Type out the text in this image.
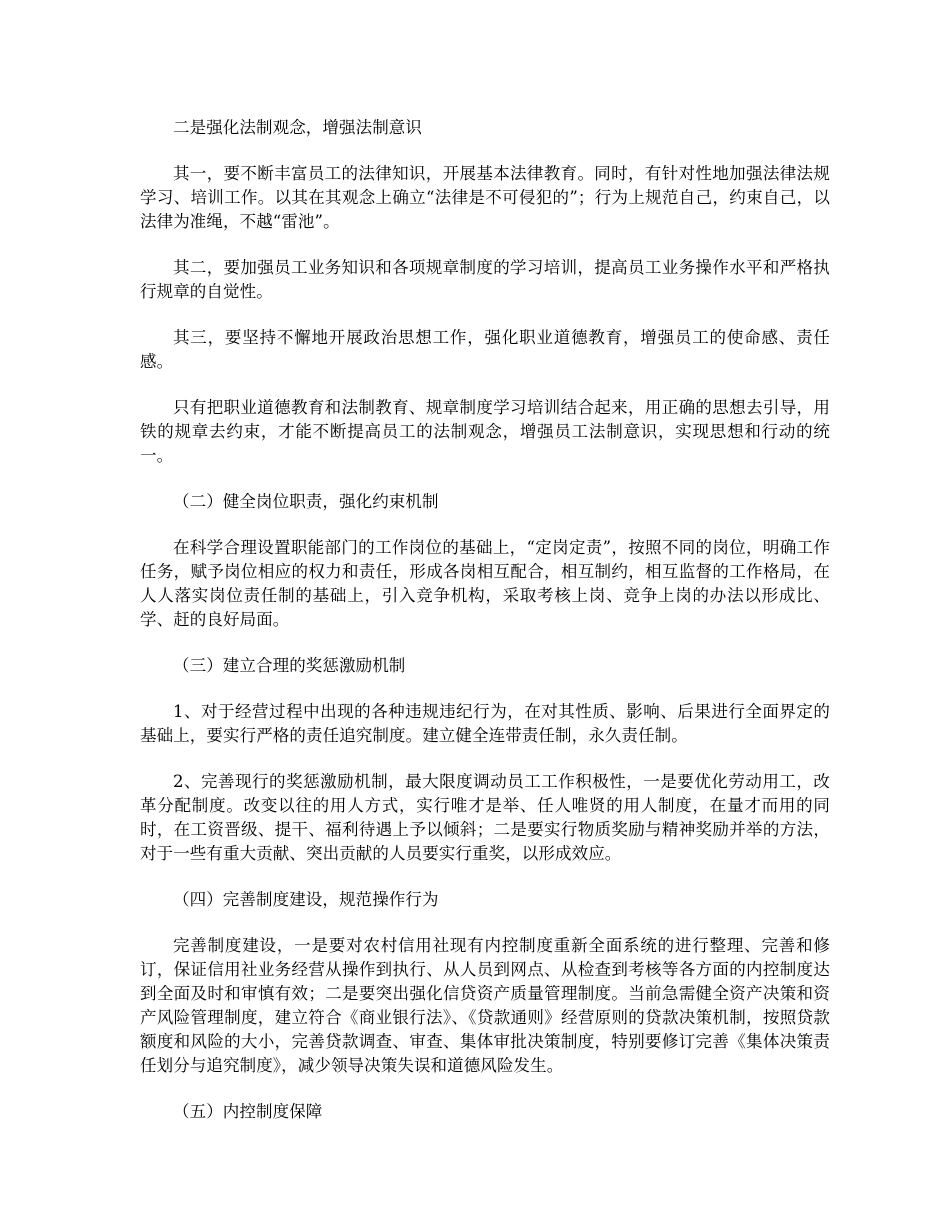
二是强化法制观念，增强法制意识

其一，要不断丰富员工的法律知识，开展基本法律教育。同时，有针对性地加强法律法规学习、培训工作。以其在其观念上确立“法律是不可侵犯的”；行为上规范自己，约束自己，以法律为准绳，不越“雷池”。

其二，要加强员工业务知识和各项规章制度的学习培训，提高员工业务操作水平和严格执行规章的自觉性。

其三，要坚持不懈地开展政治思想工作，强化职业道德教育，增强员工的使命感、责任感。

只有把职业道德教育和法制教育、规章制度学习培训结合起来，用正确的思想去引导，用铁的规章去约束，才能不断提高员工的法制观念，增强员工法制意识，实现思想和行动的统一。

（二）健全岗位职责，强化约束机制

在科学合理设置职能部门的工作岗位的基础上，“定岗定责”，按照不同的岗位，明确工作任务，赋予岗位相应的权力和责任，形成各岗相互配合，相互制约，相互监督的工作格局，在人人落实岗位责任制的基础上，引入竞争机构，采取考核上岗、竞争上岗的办法以形成比、学、赶的良好局面。

（三）建立合理的奖惩激励机制

1、对于经营过程中出现的各种违规违纪行为，在对其性质、影响、后果进行全面界定的基础上，要实行严格的责任追究制度。建立健全连带责任制，永久责任制。

2、完善现行的奖惩激励机制，最大限度调动员工工作积极性，一是要优化劳动用工，改革分配制度。改变以往的用人方式，实行唯才是举、任人唯贤的用人制度，在量才而用的同时，在工资晋级、提干、福利待遇上予以倾斜；二是要实行物质奖励与精神奖励并举的方法，对于一些有重大贡献、突出贡献的人员要实行重奖，以形成效应。

（四）完善制度建设，规范操作行为

完善制度建设，一是要对农村信用社现有内控制度重新全面系统的进行整理、完善和修订，保证信用社业务经营从操作到执行、从人员到网点、从检查到考核等各方面的内控制度达到全面及时和审慎有效；二是要突出强化信贷资产质量管理制度。当前急需健全资产决策和资产风险管理制度，建立符合《商业银行法》、《贷款通则》经营原则的贷款决策机制，按照贷款额度和风险的大小，完善贷款调查、审查、集体审批决策制度，特别要修订完善《集体决策责任划分与追究制度》，减少领导决策失误和道德风险发生。

（五）内控制度保障
